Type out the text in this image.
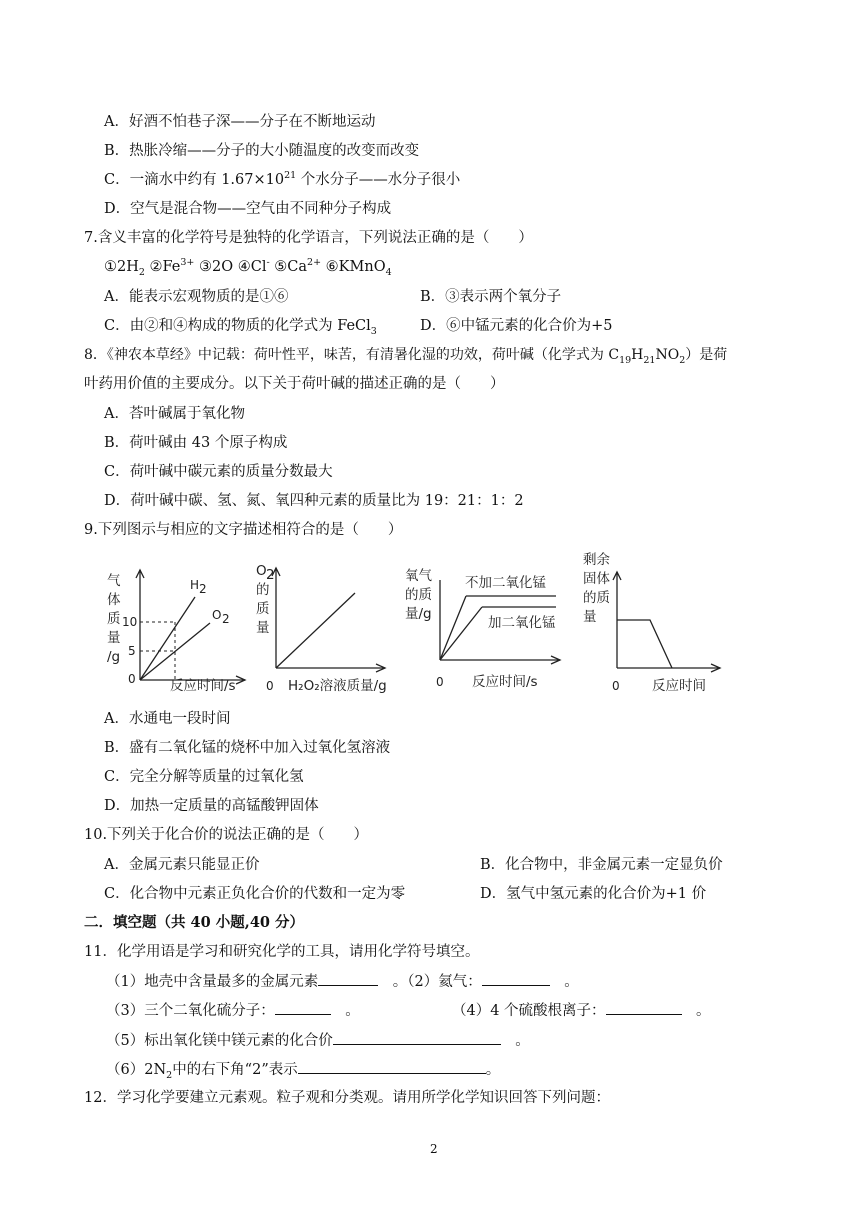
A．好酒不怕巷子深——分子在不断地运动
B．热胀冷缩——分子的大小随温度的改变而改变
C．一滴水中约有 $1.67\times 10^{21}$ 个水分子——水分子很小
D．空气是混合物——空气由不同种分子构成
7.含义丰富的化学符号是独特的化学语言，下列说法正确的是（　　）
$①2H_2$ $②Fe^{3+}$ ③2O ④Cl- $⑤Ca^{2+}$ ⑥KMnO$_4$
A．能表示宏观物质的是①⑥	B．③表示两个氧分子
C．由②和④构成的物质的化学式为 FeCl$_3$	D．⑥中锰元素的化合价为+5
8．《神农本草经》中记载：荷叶性平，味苦，有清暑化湿的功效，荷叶碱（化学式为 $C_{19}H_{21}NO_2$）是荷
叶药用价值的主要成分。以下关于荷叶碱的描述正确的是（　　）
A．荅叶碱属于氧化物
B．荷叶碱由 43 个原子构成
C．荷叶碱中碳元素的质量分数最大
D．荷叶碱中碳、氢、氮、氧四种元素的质量比为 19：21：1：2
9.下列图示与相应的文字描述相符合的是（　　）
气
体
质
量
/g
10
5
H 2
O 2
0	反应时间/s
O 2
的
质
量
0 H₂O₂溶液质量/g
氧气
的质
量/g
不加二氧化锰
加二氧化锰
0 反应时间/s
剩余
固体
的质
量
0 反应时间
A．水通电一段时间
B．盛有二氧化锰的烧杯中加入过氧化氢溶液
C．完全分解等质量的过氧化氢
D．加热一定质量的高锰酸钾固体
10.下列关于化合价的说法正确的是（　　）
A．金属元素只能显正价	B．化合物中，非金属元素一定显负价
C．化合物中元素正负化合价的代数和一定为零	D．氢气中氢元素的化合价为+1 价
二．填空题（共 40 小题,40 分）
11．化学用语是学习和研究化学的工具，请用化学符号填空。
（1）地壳中含量最多的金属元素	　。（2）氦气：	　。
（3）三个二氧化硫分子：	　。	（4）4 个硫酸根离子：	　。
（5）标出氧化镁中镁元素的化合价	　。
$(6)2N_2$中的右下角“2”表示	。
12．学习化学要建立元素观。粒子观和分类观。请用所学化学知识回答下列问题：
2
